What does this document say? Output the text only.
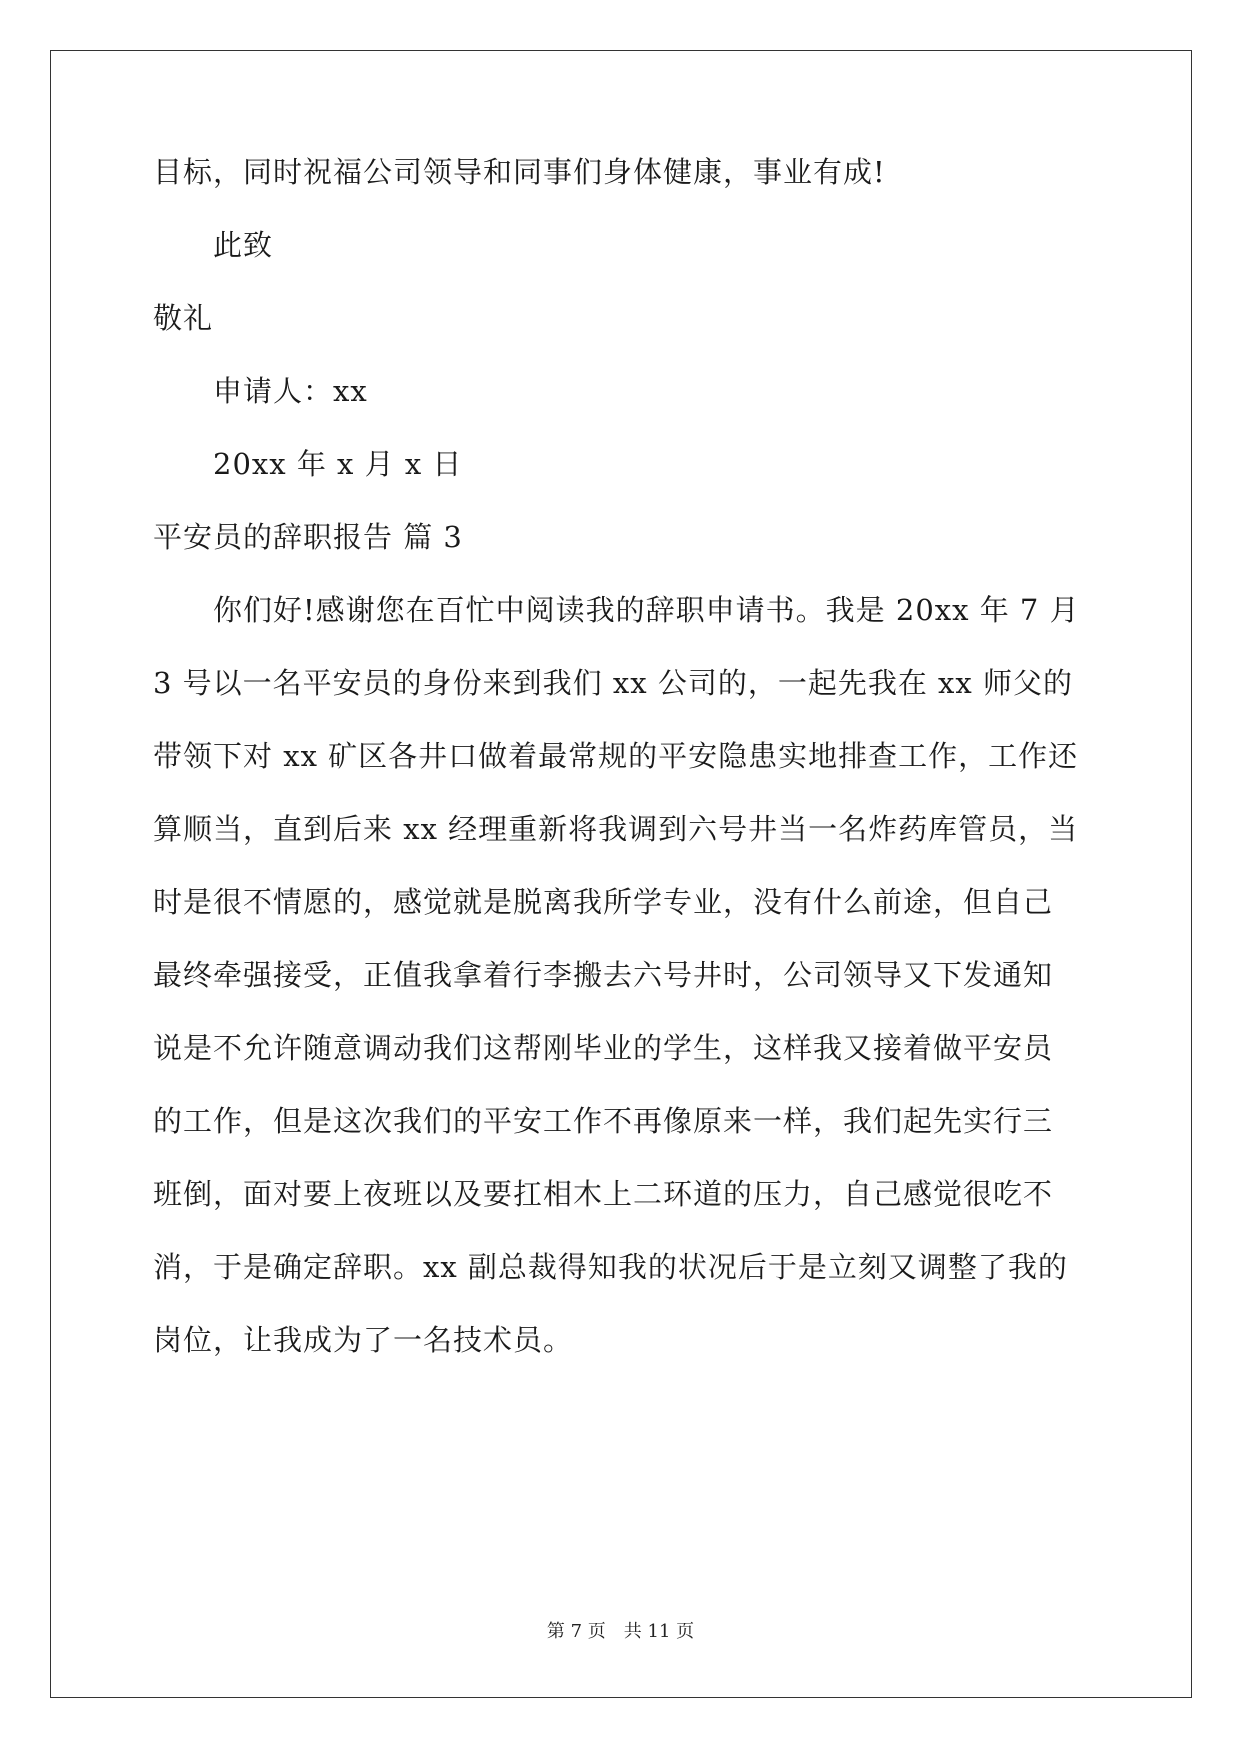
目标，同时祝福公司领导和同事们身体健康，事业有成!
此致
敬礼
申请人：xx
20xx 年 x 月 x 日
平安员的辞职报告 篇 3
你们好!感谢您在百忙中阅读我的辞职申请书。我是 20xx 年 7 月
3 号以一名平安员的身份来到我们 xx 公司的，一起先我在 xx 师父的
带领下对 xx 矿区各井口做着最常规的平安隐患实地排查工作，工作还
算顺当，直到后来 xx 经理重新将我调到六号井当一名炸药库管员，当
时是很不情愿的，感觉就是脱离我所学专业，没有什么前途，但自己
最终牵强接受，正值我拿着行李搬去六号井时，公司领导又下发通知
说是不允许随意调动我们这帮刚毕业的学生，这样我又接着做平安员
的工作，但是这次我们的平安工作不再像原来一样，我们起先实行三
班倒，面对要上夜班以及要扛相木上二环道的压力，自己感觉很吃不
消，于是确定辞职。xx 副总裁得知我的状况后于是立刻又调整了我的
岗位，让我成为了一名技术员。
第 7 页　共 11 页
